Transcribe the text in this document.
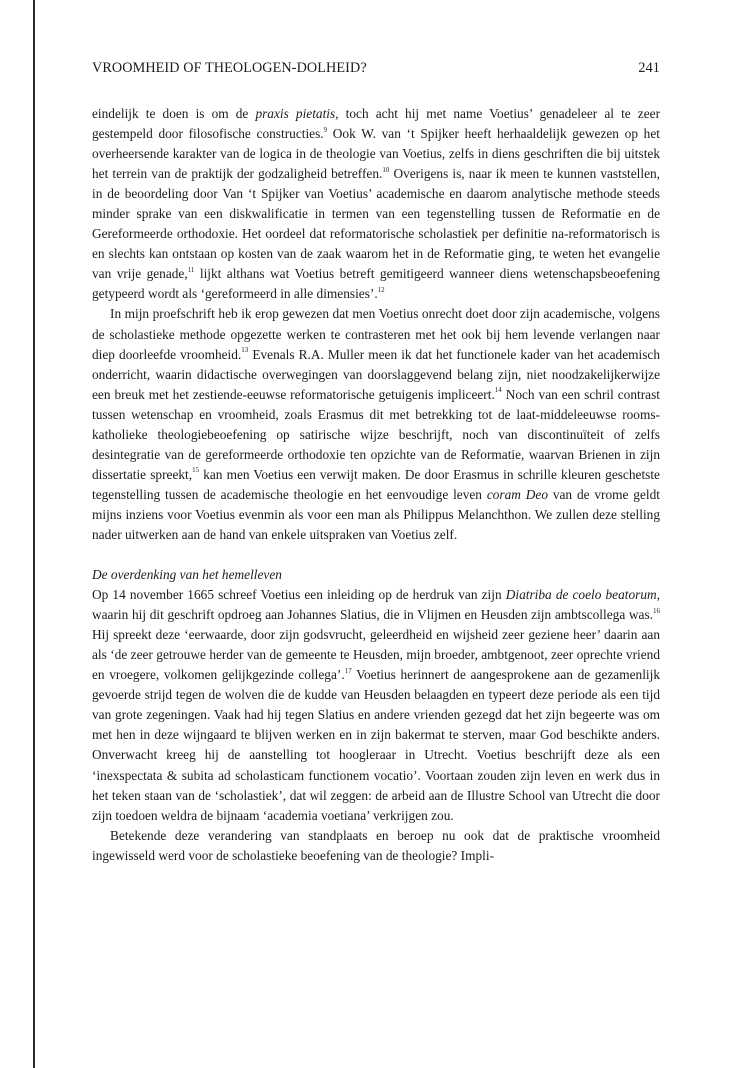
VROOMHEID OF THEOLOGEN-DOLHEID?	241

eindelijk te doen is om de praxis pietatis, toch acht hij met name Voetius’ genadeleer al te zeer gestempeld door filosofische constructies.$^9$ Ook W. van ‘t Spijker heeft herhaaldelijk gewezen op het overheersende karakter van de logica in de theologie van Voetius, zelfs in diens geschriften die bij uitstek het terrein van de praktijk der godzaligheid betreffen.$^{10}$ Overigens is, naar ik meen te kunnen vaststellen, in de beoordeling door Van ‘t Spijker van Voetius’ academische en daarom analytische methode steeds minder sprake van een diskwalificatie in termen van een tegenstelling tussen de Reformatie en de Gereformeerde orthodoxie. Het oordeel dat reformatorische scholastiek per definitie na-reformatorisch is en slechts kan ontstaan op kosten van de zaak waarom het in de Reformatie ging, te weten het evangelie van vrije genade,$^{11}$ lijkt althans wat Voetius betreft gemitigeerd wanneer diens wetenschapsbeoefening getypeerd wordt als ‘gereformeerd in alle dimensies’.$^{12}$

In mijn proefschrift heb ik erop gewezen dat men Voetius onrecht doet door zijn academische, volgens de scholastieke methode opgezette werken te contrasteren met het ook bij hem levende verlangen naar diep doorleefde vroomheid.$^{13}$ Evenals R.A. Muller meen ik dat het functionele kader van het academisch onderricht, waarin didactische overwegingen van doorslaggevend belang zijn, niet noodzakelijkerwijze een breuk met het zestiende-eeuwse reformatorische getuigenis impliceert.$^{14}$ Noch van een schril contrast tussen wetenschap en vroomheid, zoals Erasmus dit met betrekking tot de laat-middeleeuwse rooms-katholieke theologiebeoefening op satirische wijze beschrijft, noch van discontinuïteit of zelfs desintegratie van de gereformeerde orthodoxie ten opzichte van de Reformatie, waarvan Brienen in zijn dissertatie spreekt,$^{15}$ kan men Voetius een verwijt maken. De door Erasmus in schrille kleuren geschetste tegenstelling tussen de academische theologie en het eenvoudige leven coram Deo van de vrome geldt mijns inziens voor Voetius evenmin als voor een man als Philippus Melanchthon. We zullen deze stelling nader uitwerken aan de hand van enkele uitspraken van Voetius zelf.

De overdenking van het hemelleven

Op 14 november 1665 schreef Voetius een inleiding op de herdruk van zijn Diatriba de coelo beatorum, waarin hij dit geschrift opdroeg aan Johannes Slatius, die in Vlijmen en Heusden zijn ambtscollega was.$^{16}$ Hij spreekt deze ‘eerwaarde, door zijn godsvrucht, geleerdheid en wijsheid zeer geziene heer’ daarin aan als ‘de zeer getrouwe herder van de gemeente te Heusden, mijn broeder, ambtgenoot, zeer oprechte vriend en vroegere, volkomen gelijkgezinde collega’.$^{17}$ Voetius herinnert de aangesprokene aan de gezamenlijk gevoerde strijd tegen de wolven die de kudde van Heusden belaagden en typeert deze periode als een tijd van grote zegeningen. Vaak had hij tegen Slatius en andere vrienden gezegd dat het zijn begeerte was om met hen in deze wijngaard te blijven werken en in zijn bakermat te sterven, maar God beschikte anders. Onverwacht kreeg hij de aanstelling tot hoogleraar in Utrecht. Voetius beschrijft deze als een ‘inexspectata & subita ad scholasticam functionem vocatio’. Voortaan zouden zijn leven en werk dus in het teken staan van de ‘scholastiek’, dat wil zeggen: de arbeid aan de Illustre School van Utrecht die door zijn toedoen weldra de bijnaam ‘academia voetiana’ verkrijgen zou.

Betekende deze verandering van standplaats en beroep nu ook dat de praktische vroomheid ingewisseld werd voor de scholastieke beoefening van de theologie? Impli-
